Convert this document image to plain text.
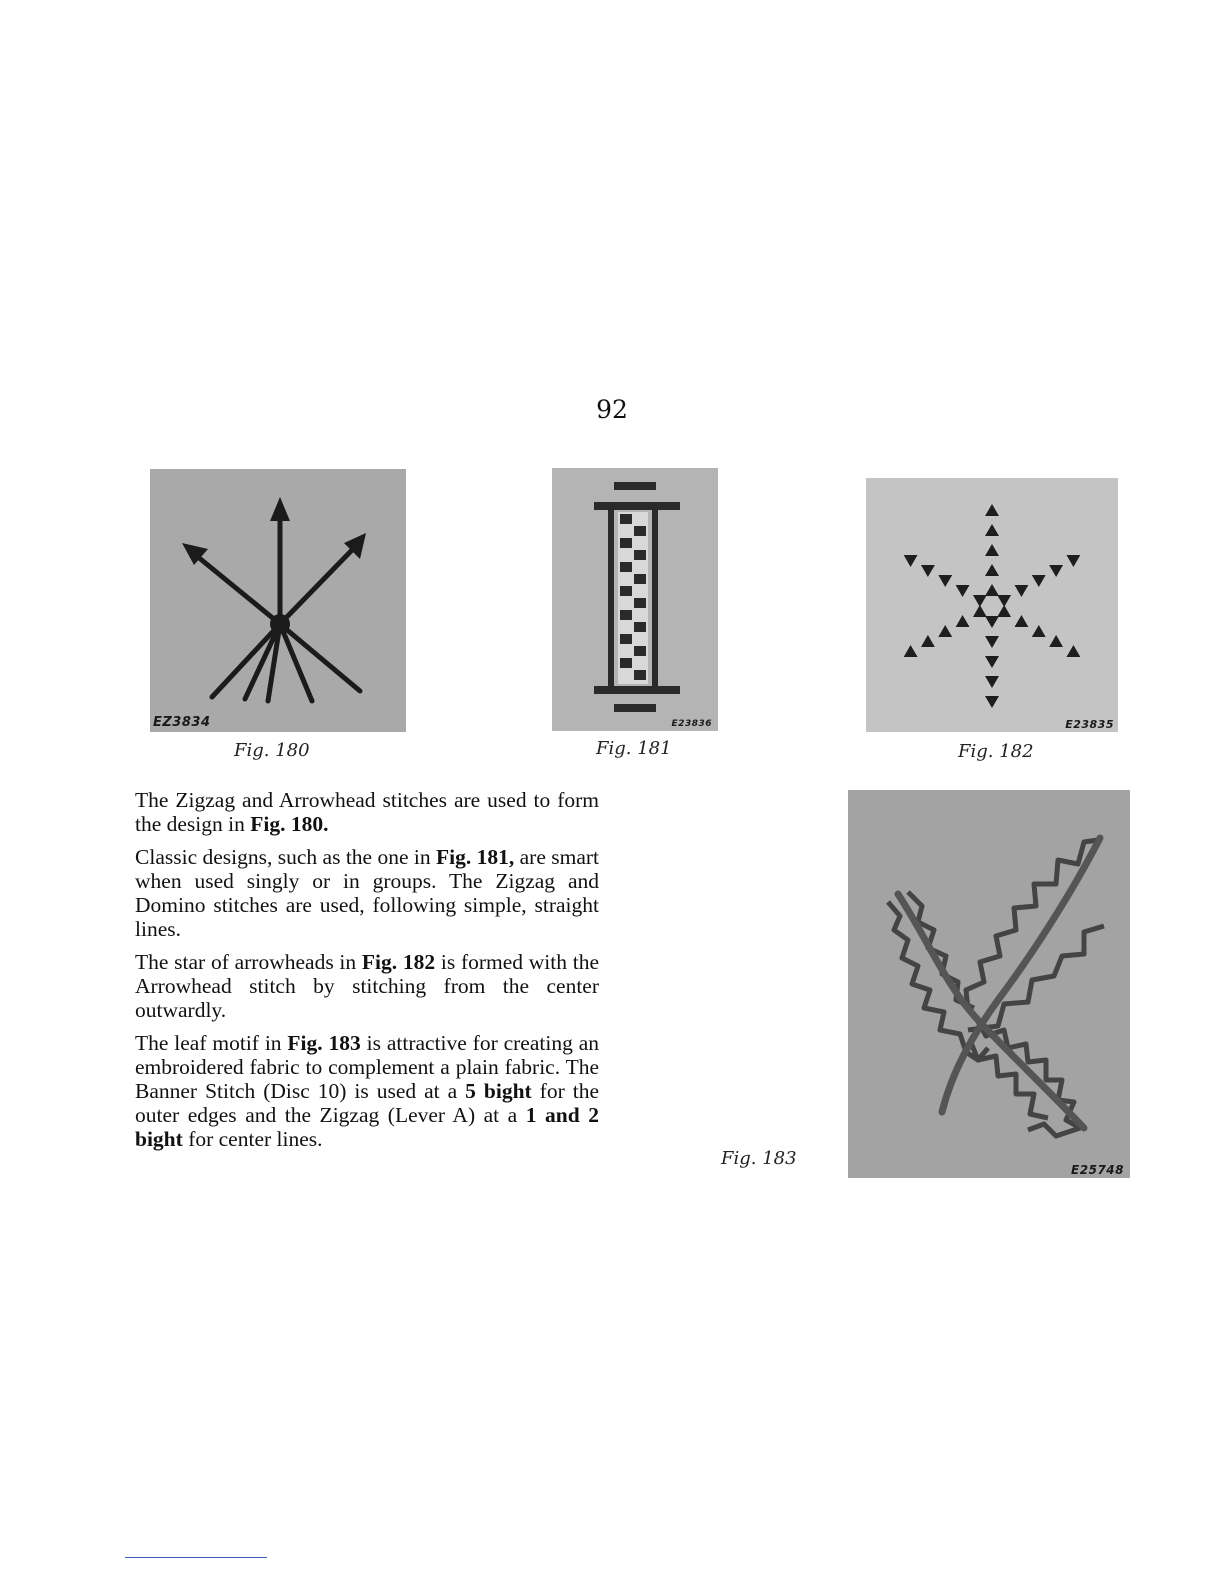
92
EZ3834
Fig. 180
E23836
Fig. 181
E23835
Fig. 182
E25748
Fig. 183

The Zigzag and Arrowhead stitches are used to form the design in Fig. 180.

Classic designs, such as the one in Fig. 181, are smart when used singly or in groups. The Zigzag and Domino stitches are used, following simple, straight lines.

The star of arrowheads in Fig. 182 is formed with the Arrowhead stitch by stitching from the center outwardly.

The leaf motif in Fig. 183 is attractive for creating an embroidered fabric to complement a plain fabric. The Banner Stitch (Disc 10) is used at a 5 bight for the outer edges and the Zigzag (Lever A) at a 1 and 2 bight for center lines.
